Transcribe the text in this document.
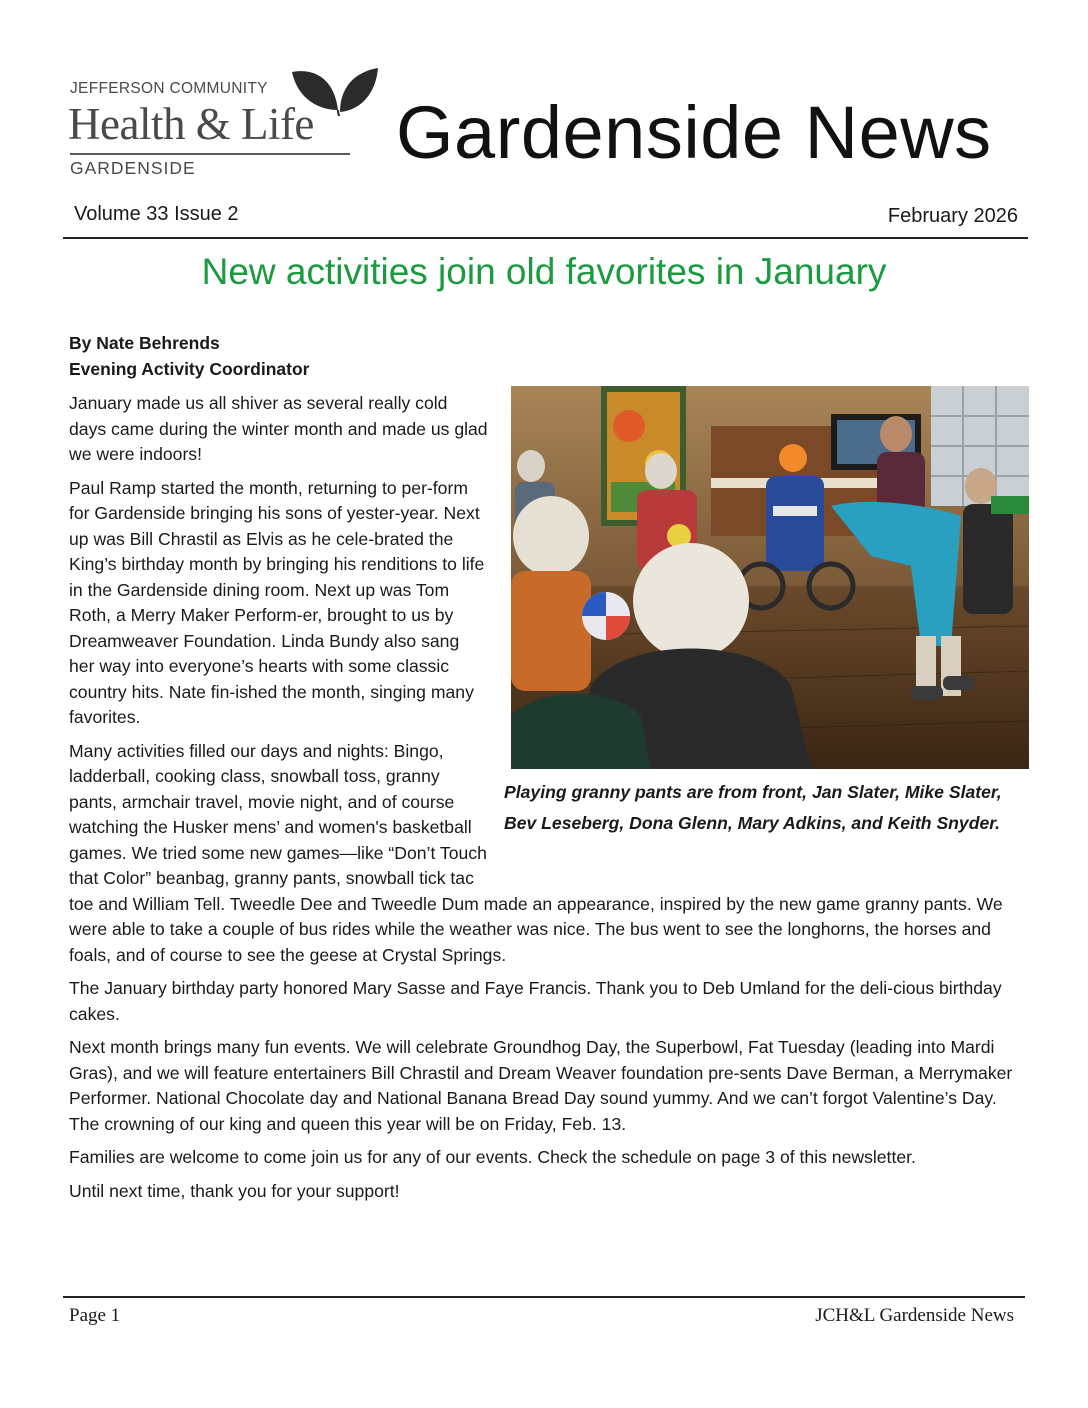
JEFFERSON COMMUNITY
Health & Life
GARDENSIDE	Gardenside News
Volume 33 Issue 2	February 2026
New activities join old favorites in January
By Nate Behrends
Evening Activity Coordinator
Playing granny pants are from front, Jan Slater, Mike Slater, Bev Leseberg, Dona Glenn, Mary Adkins, and Keith Snyder.

January made us all shiver as several really cold days came during the winter month and made us glad we were indoors!

Paul Ramp started the month, returning to per-form for Gardenside bringing his sons of yester-year. Next up was Bill Chrastil as Elvis as he cele-brated the King’s birthday month by bringing his renditions to life in the Gardenside dining room. Next up was Tom Roth, a Merry Maker Perform-er, brought to us by Dreamweaver Foundation. Linda Bundy also sang her way into everyone’s hearts with some classic country hits. Nate fin-ished the month, singing many favorites.

Many activities filled our days and nights: Bingo, ladderball, cooking class, snowball toss, granny pants, armchair travel, movie night, and of course watching the Husker mens’ and women's basketball games. We tried some new games—like “Don’t Touch that Color” beanbag, granny pants, snowball tick tac toe and William Tell. Tweedle Dee and Tweedle Dum made an appearance, inspired by the new game granny pants. We were able to take a couple of bus rides while the weather was nice. The bus went to see the longhorns, the horses and foals, and of course to see the geese at Crystal Springs.

The January birthday party honored Mary Sasse and Faye Francis. Thank you to Deb Umland for the deli-cious birthday cakes.

Next month brings many fun events. We will celebrate Groundhog Day, the Superbowl, Fat Tuesday (leading into Mardi Gras), and we will feature entertainers Bill Chrastil and Dream Weaver foundation pre-sents Dave Berman, a Merrymaker Performer. National Chocolate day and National Banana Bread Day sound yummy. And we can’t forgot Valentine’s Day. The crowning of our king and queen this year will be on Friday, Feb. 13.

Families are welcome to come join us for any of our events. Check the schedule on page 3 of this newsletter.

Until next time, thank you for your support!

Page 1	JCH&L Gardenside News
